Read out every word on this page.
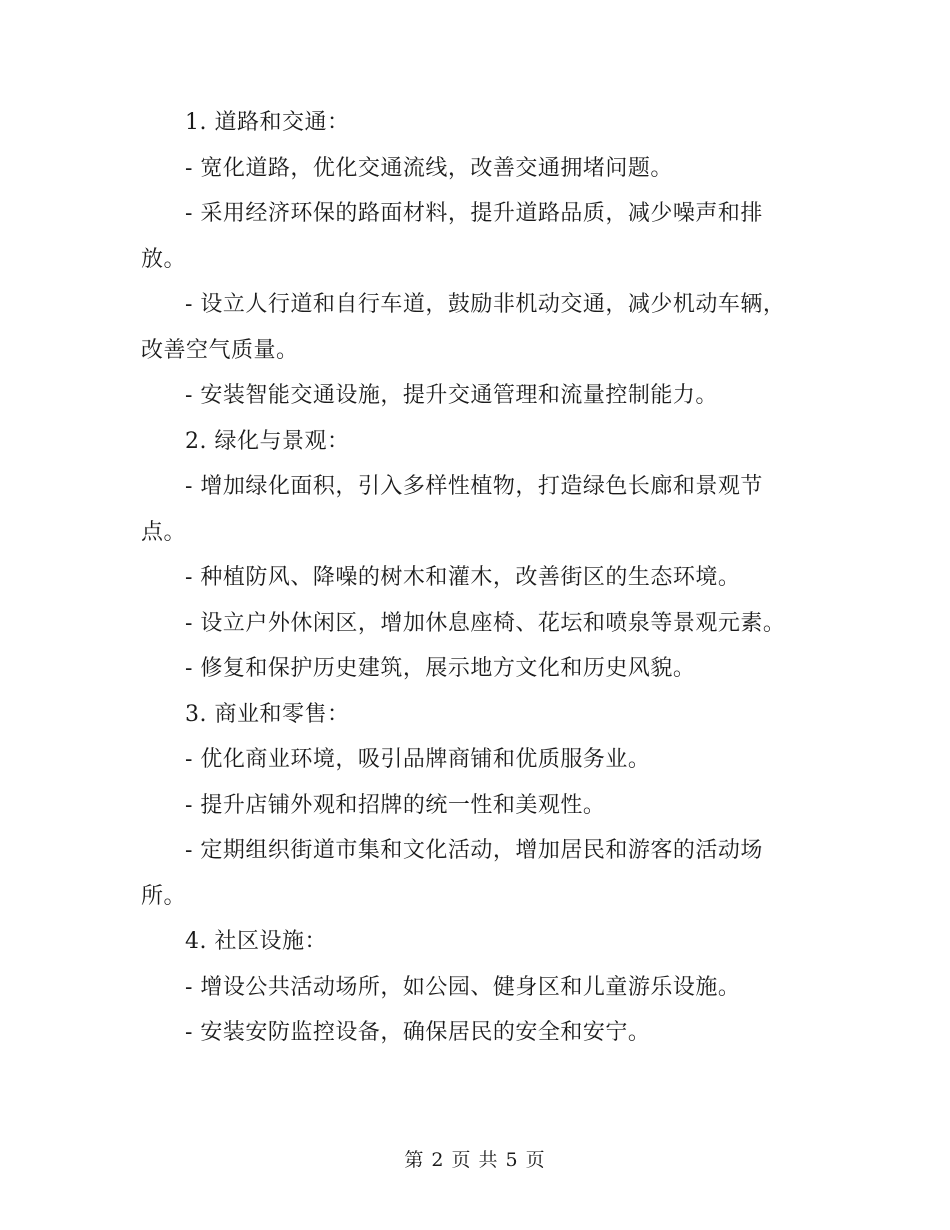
1. 道路和交通：

- 宽化道路，优化交通流线，改善交通拥堵问题。

- 采用经济环保的路面材料，提升道路品质，减少噪声和排放。

- 设立人行道和自行车道，鼓励非机动交通，减少机动车辆，改善空气质量。

- 安装智能交通设施，提升交通管理和流量控制能力。

2. 绿化与景观：

- 增加绿化面积，引入多样性植物，打造绿色长廊和景观节点。

- 种植防风、降噪的树木和灌木，改善街区的生态环境。

- 设立户外休闲区，增加休息座椅、花坛和喷泉等景观元素。

- 修复和保护历史建筑，展示地方文化和历史风貌。

3. 商业和零售：

- 优化商业环境，吸引品牌商铺和优质服务业。

- 提升店铺外观和招牌的统一性和美观性。

- 定期组织街道市集和文化活动，增加居民和游客的活动场所。

4. 社区设施：

- 增设公共活动场所，如公园、健身区和儿童游乐设施。

- 安装安防监控设备，确保居民的安全和安宁。

第 2 页 共 5 页
